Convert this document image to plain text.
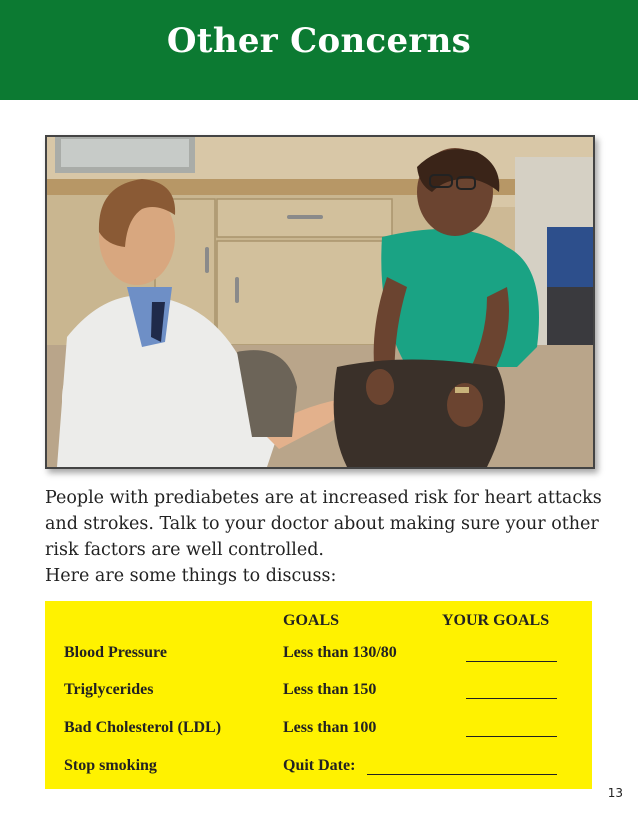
Other Concerns

People with prediabetes are at increased risk for heart attacks and strokes. Talk to your doctor about making sure your other risk factors are well controlled.

Here are some things to discuss:

GOALS	YOUR GOALS
Blood Pressure	Less than 130/80
Triglycerides	Less than 150
Bad Cholesterol (LDL)	Less than 100
Stop smoking	Quit Date:
13
